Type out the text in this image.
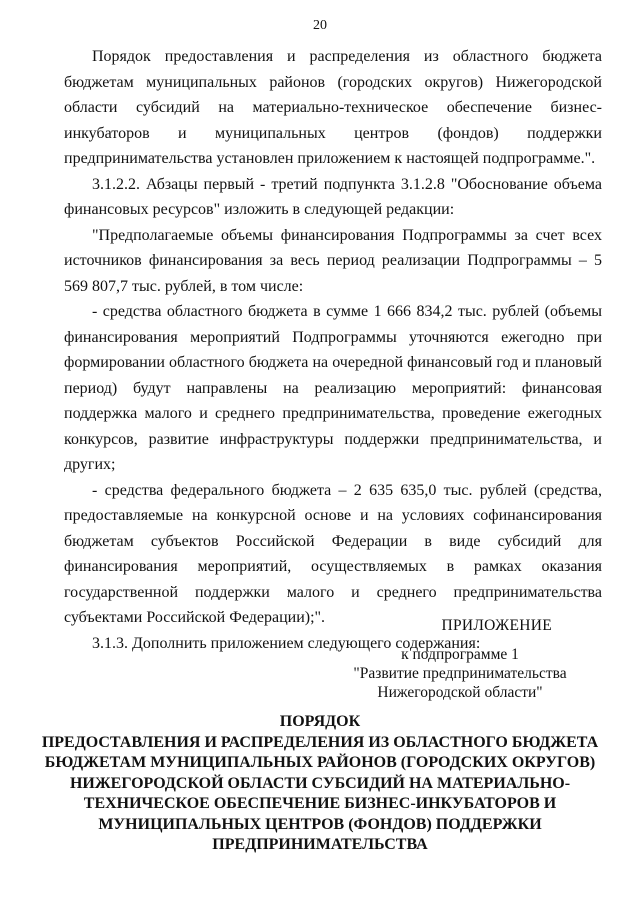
20

Порядок предоставления и распределения из областного бюджета бюджетам муниципальных районов (городских округов) Нижегородской области субсидий на материально-техническое обеспечение бизнес-инкубаторов и муниципальных центров (фондов) поддержки предпринимательства установлен приложением к настоящей подпрограмме.".

3.1.2.2. Абзацы первый - третий подпункта 3.1.2.8 "Обоснование объема финансовых ресурсов" изложить в следующей редакции:

"Предполагаемые объемы финансирования Подпрограммы за счет всех источников финансирования за весь период реализации Подпрограммы – 5 569 807,7 тыс. рублей, в том числе:

- средства областного бюджета в сумме 1 666 834,2 тыс. рублей (объемы финансирования мероприятий Подпрограммы уточняются ежегодно при формировании областного бюджета на очередной финансовый год и плановый период) будут направлены на реализацию мероприятий: финансовая поддержка малого и среднего предпринимательства, проведение ежегодных конкурсов, развитие инфраструктуры поддержки предпринимательства, и других;

- средства федерального бюджета – 2 635 635,0 тыс. рублей (средства, предоставляемые на конкурсной основе и на условиях софинансирования бюджетам субъектов Российской Федерации в виде субсидий для финансирования мероприятий, осуществляемых в рамках оказания государственной поддержки малого и среднего предпринимательства субъектами Российской Федерации);".

3.1.3. Дополнить приложением следующего содержания:

ПРИЛОЖЕНИЕ
к подпрограмме 1
"Развитие предпринимательства
Нижегородской области"
ПОРЯДОК
ПРЕДОСТАВЛЕНИЯ И РАСПРЕДЕЛЕНИЯ ИЗ ОБЛАСТНОГО БЮДЖЕТА БЮДЖЕТАМ МУНИЦИПАЛЬНЫХ РАЙОНОВ (ГОРОДСКИХ ОКРУГОВ) НИЖЕГОРОДСКОЙ ОБЛАСТИ СУБСИДИЙ НА МАТЕРИАЛЬНО-ТЕХНИЧЕСКОЕ ОБЕСПЕЧЕНИЕ БИЗНЕС-ИНКУБАТОРОВ И МУНИЦИПАЛЬНЫХ ЦЕНТРОВ (ФОНДОВ) ПОДДЕРЖКИ ПРЕДПРИНИМАТЕЛЬСТВА
